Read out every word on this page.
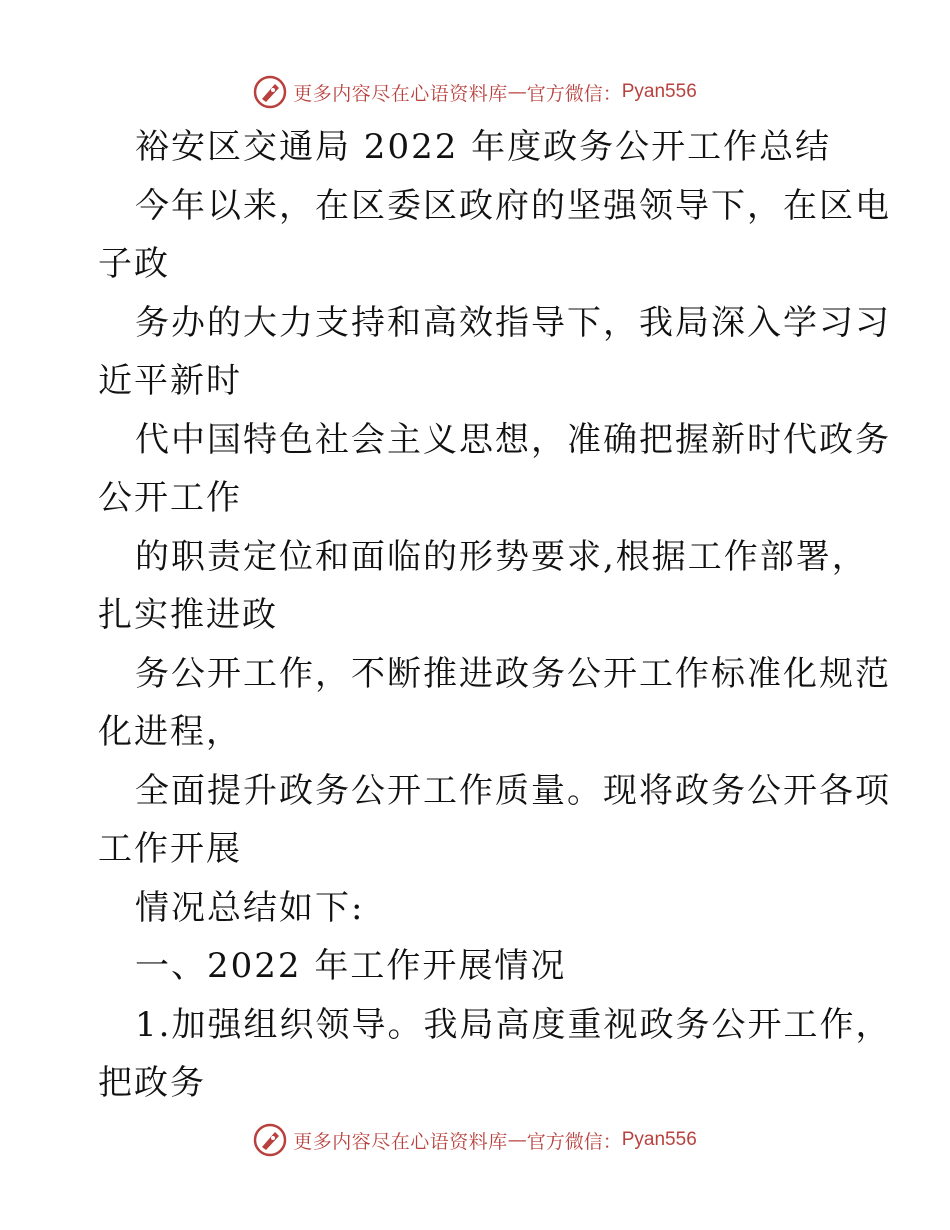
更多内容尽在心语资料库 — 官方微信： Pyan556
裕安区交通局 2022 年度政务公开工作总结
今年以来，在区委区政府的坚强领导下，在区电
子政
务办的大力支持和高效指导下，我局深入学习习
近平新时
代中国特色社会主义思想，准确把握新时代政务
公开工作
的职责定位和面临的形势要求,根据工作部署，
扎实推进政
务公开工作，不断推进政务公开工作标准化规范
化进程，
全面提升政务公开工作质量。现将政务公开各项
工作开展
情况总结如下:
一、2022 年工作开展情况
1.加强组织领导。我局高度重视政务公开工作，
把政务
更多内容尽在心语资料库 — 官方微信： Pyan556
